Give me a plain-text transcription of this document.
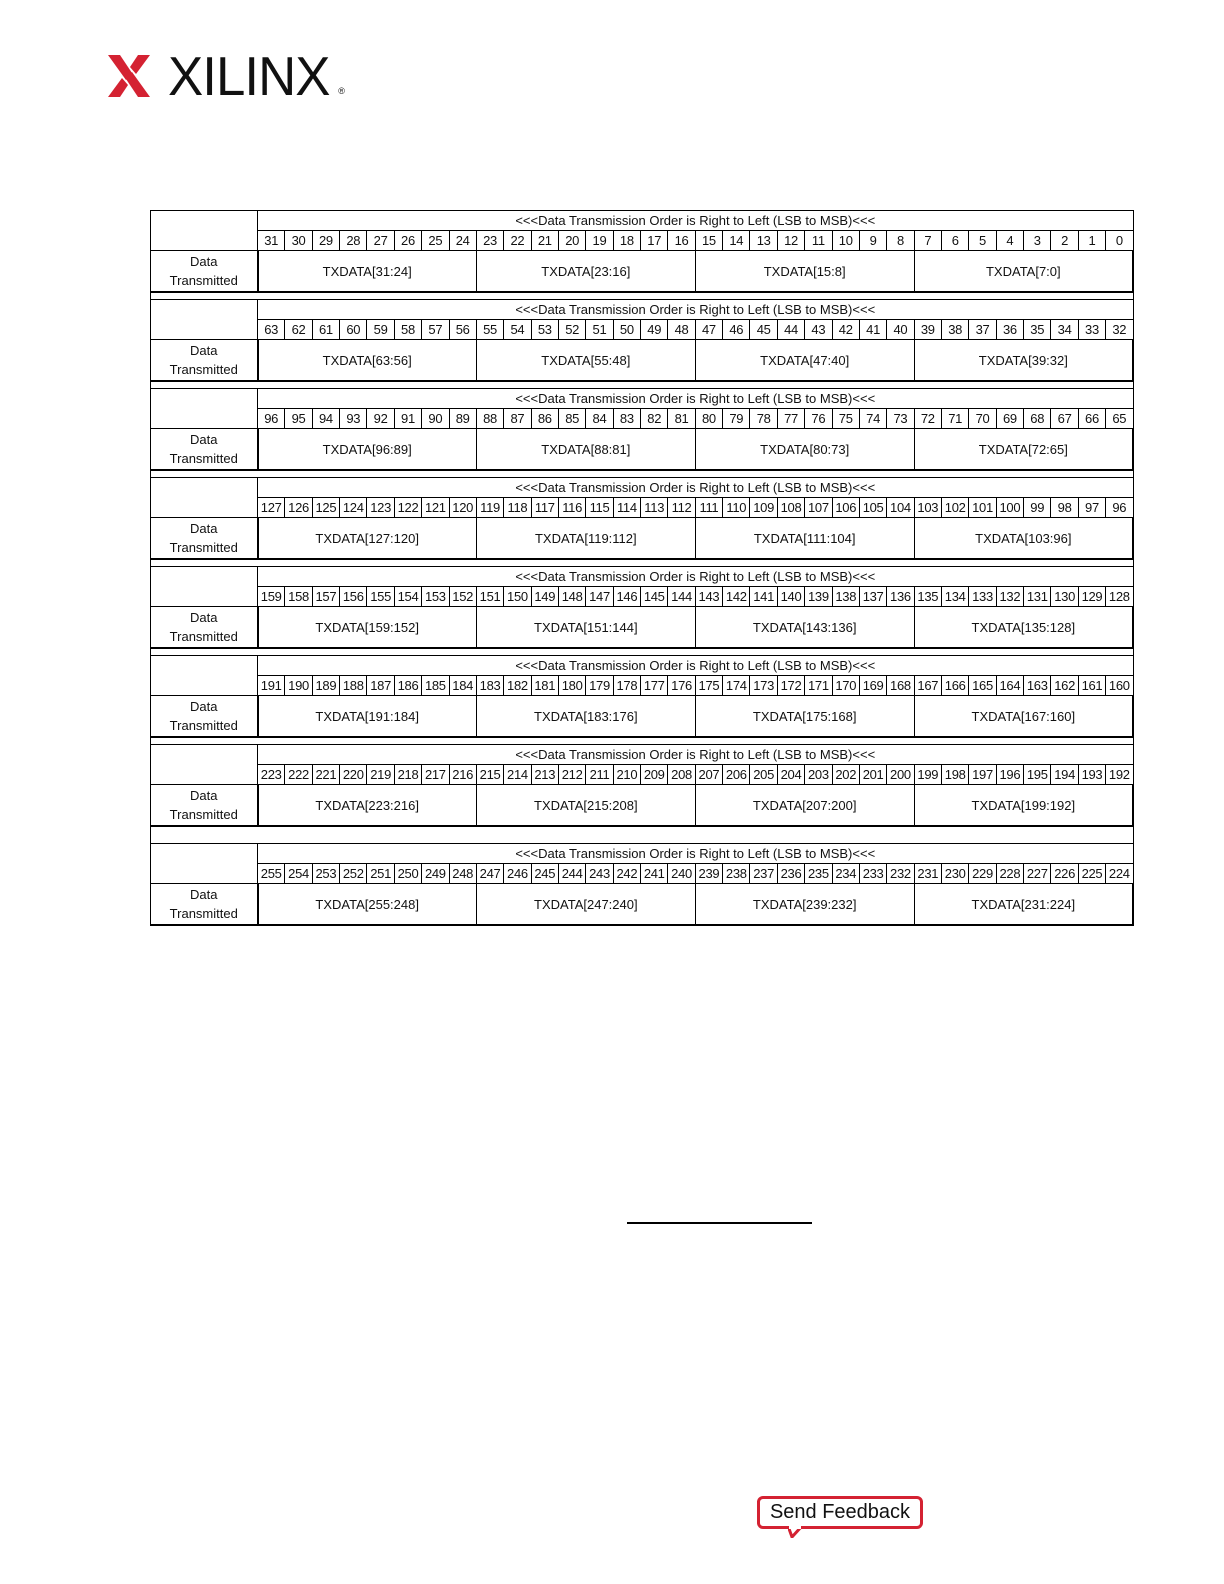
XILINX ®
	<<<Data Transmission Order is Right to Left (LSB to MSB)<<<																															
	31	30	29	28	27	26	25	24	23	22	21	20	19	18	17	16	15	14	13	12	11	10	9	8	7	6	5	4	3	2	1	0

Data
Transmitted	TXDATA[31:24]								TXDATA[23:16]								TXDATA[15:8]								TXDATA[7:0]							
	<<<Data Transmission Order is Right to Left (LSB to MSB)<<<																															
	63	62	61	60	59	58	57	56	55	54	53	52	51	50	49	48	47	46	45	44	43	42	41	40	39	38	37	36	35	34	33	32

Data
Transmitted	TXDATA[63:56]								TXDATA[55:48]								TXDATA[47:40]								TXDATA[39:32]							
	<<<Data Transmission Order is Right to Left (LSB to MSB)<<<																															
	96	95	94	93	92	91	90	89	88	87	86	85	84	83	82	81	80	79	78	77	76	75	74	73	72	71	70	69	68	67	66	65

Data
Transmitted	TXDATA[96:89]								TXDATA[88:81]								TXDATA[80:73]								TXDATA[72:65]							
	<<<Data Transmission Order is Right to Left (LSB to MSB)<<<																															
	127	126	125	124	123	122	121	120	119	118	117	116	115	114	113	112	111	110	109	108	107	106	105	104	103	102	101	100	99	98	97	96

Data
Transmitted	TXDATA[127:120]								TXDATA[119:112]								TXDATA[111:104]								TXDATA[103:96]							
	<<<Data Transmission Order is Right to Left (LSB to MSB)<<<																															
	159	158	157	156	155	154	153	152	151	150	149	148	147	146	145	144	143	142	141	140	139	138	137	136	135	134	133	132	131	130	129	128

Data
Transmitted	TXDATA[159:152]								TXDATA[151:144]								TXDATA[143:136]								TXDATA[135:128]							
	<<<Data Transmission Order is Right to Left (LSB to MSB)<<<																															
	191	190	189	188	187	186	185	184	183	182	181	180	179	178	177	176	175	174	173	172	171	170	169	168	167	166	165	164	163	162	161	160

Data
Transmitted	TXDATA[191:184]								TXDATA[183:176]								TXDATA[175:168]								TXDATA[167:160]							
	<<<Data Transmission Order is Right to Left (LSB to MSB)<<<																															
	223	222	221	220	219	218	217	216	215	214	213	212	211	210	209	208	207	206	205	204	203	202	201	200	199	198	197	196	195	194	193	192

Data
Transmitted	TXDATA[223:216]								TXDATA[215:208]								TXDATA[207:200]								TXDATA[199:192]							
	<<<Data Transmission Order is Right to Left (LSB to MSB)<<<																															
	255	254	253	252	251	250	249	248	247	246	245	244	243	242	241	240	239	238	237	236	235	234	233	232	231	230	229	228	227	226	225	224

Data
Transmitted	TXDATA[255:248]								TXDATA[247:240]								TXDATA[239:232]								TXDATA[231:224]							
Send Feedback
